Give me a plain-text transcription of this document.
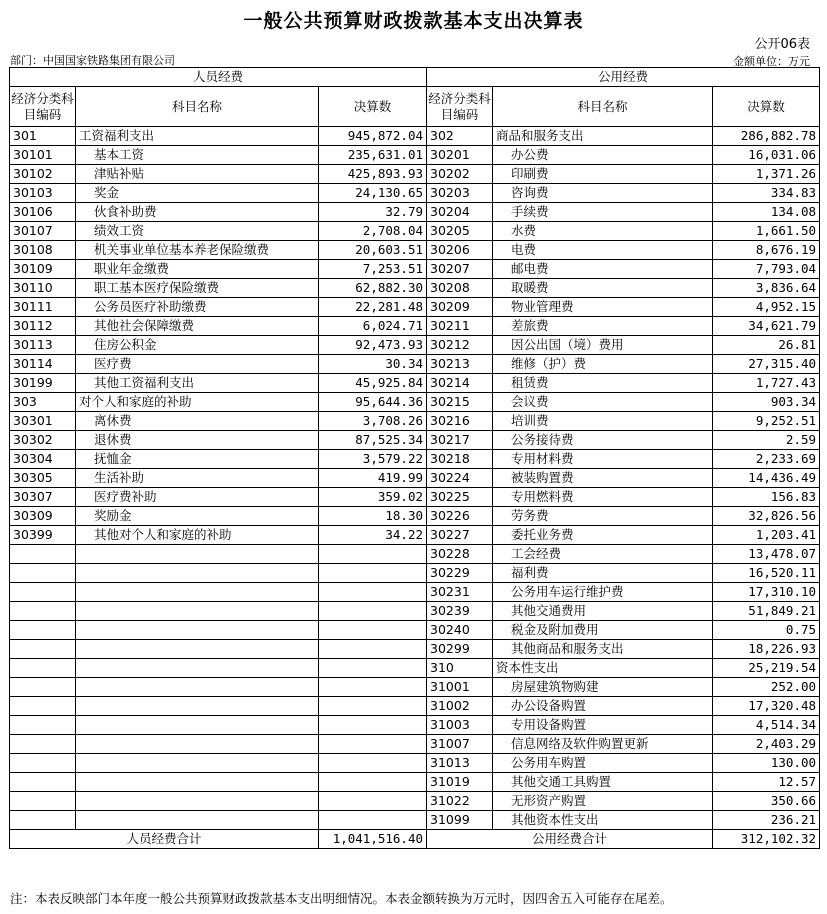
一般公共预算财政拨款基本支出决算表
公开06表
部门：中国国家铁路集团有限公司	金额单位：万元
人员经费			公用经费		
经济分类科目编码	科目名称	决算数	经济分类科目编码	科目名称	决算数
301	工资福利支出	945,872.04	302	商品和服务支出	286,882.78
30101	基本工资	235,631.01	30201	办公费	16,031.06
30102	津贴补贴	425,893.93	30202	印刷费	1,371.26
30103	奖金	24,130.65	30203	咨询费	334.83
30106	伙食补助费	32.79	30204	手续费	134.08
30107	绩效工资	2,708.04	30205	水费	1,661.50
30108	机关事业单位基本养老保险缴费	20,603.51	30206	电费	8,676.19
30109	职业年金缴费	7,253.51	30207	邮电费	7,793.04
30110	职工基本医疗保险缴费	62,882.30	30208	取暖费	3,836.64
30111	公务员医疗补助缴费	22,281.48	30209	物业管理费	4,952.15
30112	其他社会保障缴费	6,024.71	30211	差旅费	34,621.79
30113	住房公积金	92,473.93	30212	因公出国（境）费用	26.81
30114	医疗费	30.34	30213	维修（护）费	27,315.40
30199	其他工资福利支出	45,925.84	30214	租赁费	1,727.43
303	对个人和家庭的补助	95,644.36	30215	会议费	903.34
30301	离休费	3,708.26	30216	培训费	9,252.51
30302	退休费	87,525.34	30217	公务接待费	2.59
30304	抚恤金	3,579.22	30218	专用材料费	2,233.69
30305	生活补助	419.99	30224	被装购置费	14,436.49
30307	医疗费补助	359.02	30225	专用燃料费	156.83
30309	奖励金	18.30	30226	劳务费	32,826.56
30399	其他对个人和家庭的补助	34.22	30227	委托业务费	1,203.41
			30228	工会经费	13,478.07
			30229	福利费	16,520.11
			30231	公务用车运行维护费	17,310.10
			30239	其他交通费用	51,849.21
			30240	税金及附加费用	0.75
			30299	其他商品和服务支出	18,226.93
			310	资本性支出	25,219.54
			31001	房屋建筑物购建	252.00
			31002	办公设备购置	17,320.48
			31003	专用设备购置	4,514.34
			31007	信息网络及软件购置更新	2,403.29
			31013	公务用车购置	130.00
			31019	其他交通工具购置	12.57
			31022	无形资产购置	350.66
			31099	其他资本性支出	236.21
人员经费合计		1,041,516.40	公用经费合计		312,102.32
注：本表反映部门本年度一般公共预算财政拨款基本支出明细情况。本表金额转换为万元时，因四舍五入可能存在尾差。
